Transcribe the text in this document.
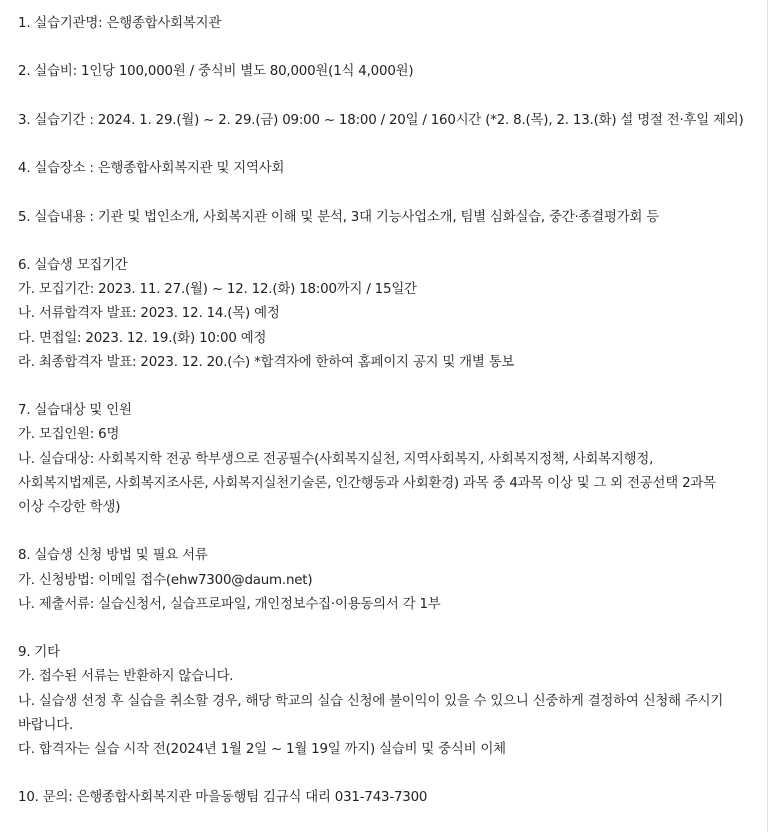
1. 실습기관명: 은행종합사회복지관
2. 실습비: 1인당 100,000원 / 중식비 별도 80,000원(1식 4,000원)
3. 실습기간 : 2024. 1. 29.(월) ~ 2. 29.(금) 09:00 ~ 18:00 / 20일 / 160시간 (*2. 8.(목), 2. 13.(화) 설 명절 전·후일 제외)
4. 실습장소 : 은행종합사회복지관 및 지역사회
5. 실습내용 : 기관 및 법인소개, 사회복지관 이해 및 분석, 3대 기능사업소개, 팀별 심화실습, 중간·종결평가회 등
6. 실습생 모집기간
가. 모집기간: 2023. 11. 27.(월) ~ 12. 12.(화) 18:00까지 / 15일간
나. 서류합격자 발표: 2023. 12. 14.(목) 예정
다. 면접일: 2023. 12. 19.(화) 10:00 예정
라. 최종합격자 발표: 2023. 12. 20.(수) *합격자에 한하여 홈페이지 공지 및 개별 통보
7. 실습대상 및 인원
가. 모집인원: 6명
나. 실습대상: 사회복지학 전공 학부생으로 전공필수(사회복지실천, 지역사회복지, 사회복지정책, 사회복지행정, 사회복지법제론, 사회복지조사론, 사회복지실천기술론, 인간행동과 사회환경) 과목 중 4과목 이상 및 그 외 전공선택 2과목 이상 수강한 학생)
8. 실습생 신청 방법 및 필요 서류
가. 신청방법: 이메일 접수(ehw7300@daum.net)
나. 제출서류: 실습신청서, 실습프로파일, 개인정보수집·이용동의서 각 1부
9. 기타
가. 접수된 서류는 반환하지 않습니다.
나. 실습생 선정 후 실습을 취소할 경우, 해당 학교의 실습 신청에 불이익이 있을 수 있으니 신중하게 결정하여 신청해 주시기 바랍니다.
다. 합격자는 실습 시작 전(2024년 1월 2일 ~ 1월 19일 까지) 실습비 및 중식비 이체
10. 문의: 은행종합사회복지관 마을동행팀 김규식 대리 031-743-7300
